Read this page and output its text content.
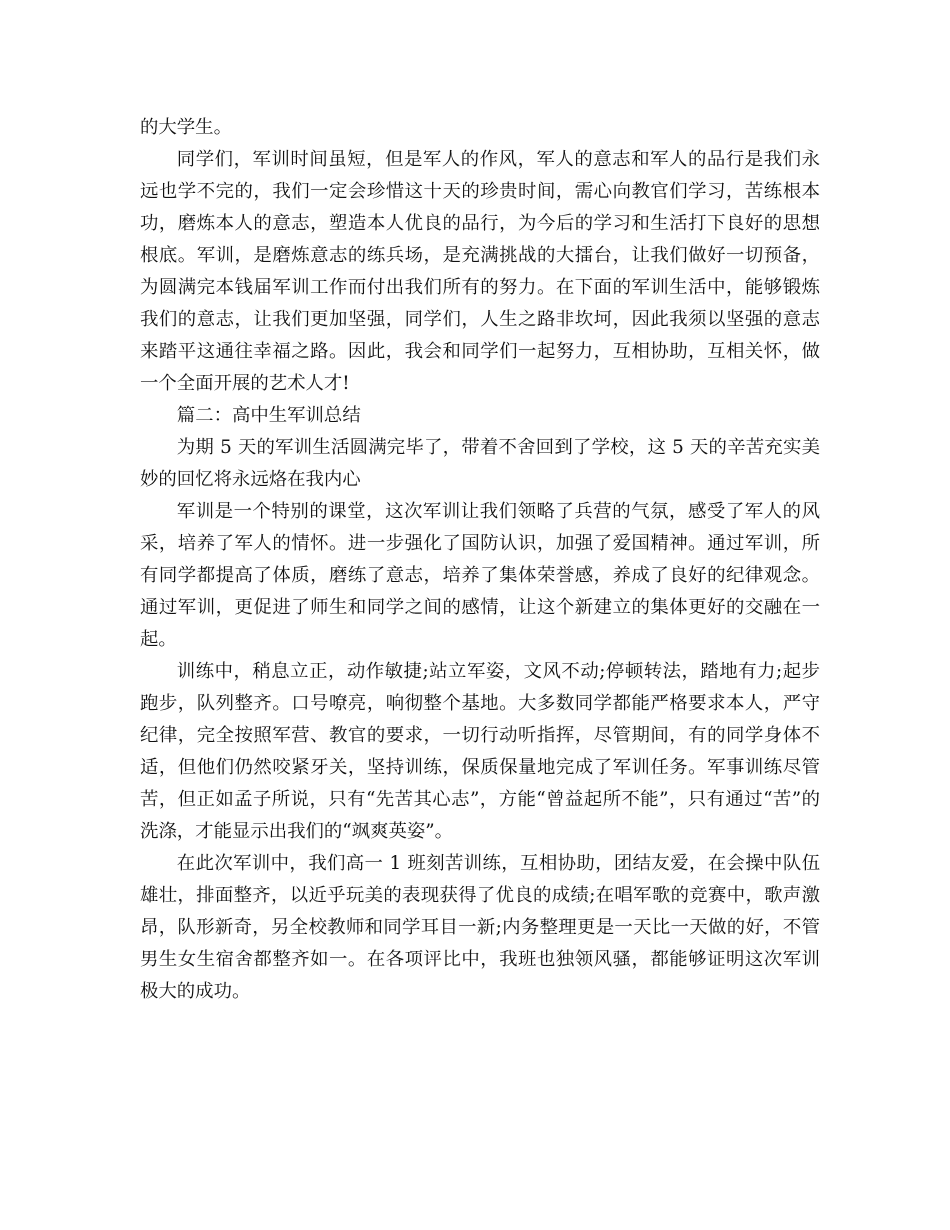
的大学生。

同学们，军训时间虽短，但是军人的作风，军人的意志和军人的品行是我们永远也学不完的，我们一定会珍惜这十天的珍贵时间，需心向教官们学习，苦练根本功，磨炼本人的意志，塑造本人优良的品行，为今后的学习和生活打下良好的思想根底。军训，是磨炼意志的练兵场，是充满挑战的大擂台，让我们做好一切预备，为圆满完本钱届军训工作而付出我们所有的努力。在下面的军训生活中，能够锻炼我们的意志，让我们更加坚强，同学们，人生之路非坎坷，因此我须以坚强的意志来踏平这通往幸福之路。因此，我会和同学们一起努力，互相协助，互相关怀，做一个全面开展的艺术人才!

篇二：高中生军训总结

为期 5 天的军训生活圆满完毕了，带着不舍回到了学校，这 5 天的辛苦充实美妙的回忆将永远烙在我内心

军训是一个特别的课堂，这次军训让我们领略了兵营的气氛，感受了军人的风采，培养了军人的情怀。进一步强化了国防认识，加强了爱国精神。通过军训，所有同学都提高了体质，磨练了意志，培养了集体荣誉感，养成了良好的纪律观念。通过军训，更促进了师生和同学之间的感情，让这个新建立的集体更好的交融在一起。

训练中，稍息立正，动作敏捷;站立军姿，文风不动;停顿转法，踏地有力;起步跑步，队列整齐。口号嘹亮，响彻整个基地。大多数同学都能严格要求本人，严守纪律，完全按照军营、教官的要求，一切行动听指挥，尽管期间，有的同学身体不适，但他们仍然咬紧牙关，坚持训练，保质保量地完成了军训任务。军事训练尽管苦，但正如孟子所说，只有“先苦其心志”，方能“曾益起所不能”，只有通过“苦”的洗涤，才能显示出我们的“飒爽英姿”。

在此次军训中，我们高一 1 班刻苦训练，互相协助，团结友爱，在会操中队伍雄壮，排面整齐，以近乎玩美的表现获得了优良的成绩;在唱军歌的竞赛中，歌声激昂，队形新奇，另全校教师和同学耳目一新;内务整理更是一天比一天做的好，不管男生女生宿舍都整齐如一。在各项评比中，我班也独领风骚，都能够证明这次军训极大的成功。
